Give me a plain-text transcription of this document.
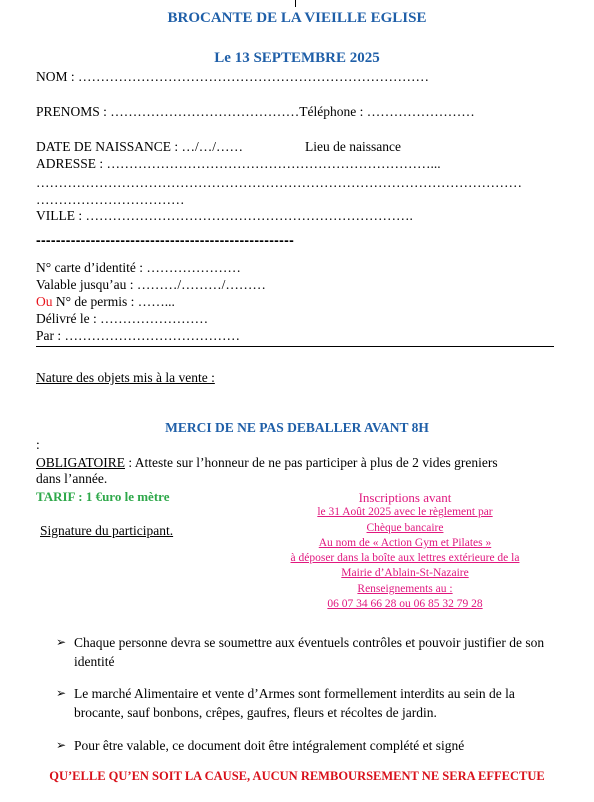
BROCANTE DE LA VIEILLE EGLISE
Le 13 SEPTEMBRE 2025
NOM : ……………………………………………………………………
PRENOMS : ……………………………………Téléphone : ……………………
DATE DE NAISSANCE : …/…/……	Lieu de naissance
ADRESSE : ………………………………………………………………...
………………………………………………………………………………………………
……………………………
VILLE : ……………………………………………………………….
----------------------------------------------------
N° carte d’identité : …………………
Valable jusqu’au : ………/………/………
Ou N° de permis : ……...
Délivré le : ……………………
Par : …………………………………
Nature des objets mis à la vente :
MERCI DE NE PAS DEBALLER AVANT 8H
:
OBLIGATOIRE : Atteste sur l’honneur de ne pas participer à plus de 2 vides greniers
dans l’année.
TARIF : 1 €uro le mètre
Signature du participant.
Inscriptions avant
le 31 Août 2025 avec le règlement par
Chèque bancaire
Au nom de « Action Gym et Pilates »
à déposer dans la boîte aux lettres extérieure de la
Mairie d’Ablain-St-Nazaire
Renseignements au :
06 07 34 66 28 ou 06 85 32 79 28
➢ Chaque personne devra se soumettre aux éventuels contrôles et pouvoir justifier de son identité
➢ Le marché Alimentaire et vente d’Armes sont formellement interdits au sein de la brocante, sauf bonbons, crêpes, gaufres, fleurs et récoltes de jardin.
➢ Pour être valable, ce document doit être intégralement complété et signé
QU’ELLE QU’EN SOIT LA CAUSE, AUCUN REMBOURSEMENT NE SERA EFFECTUE
